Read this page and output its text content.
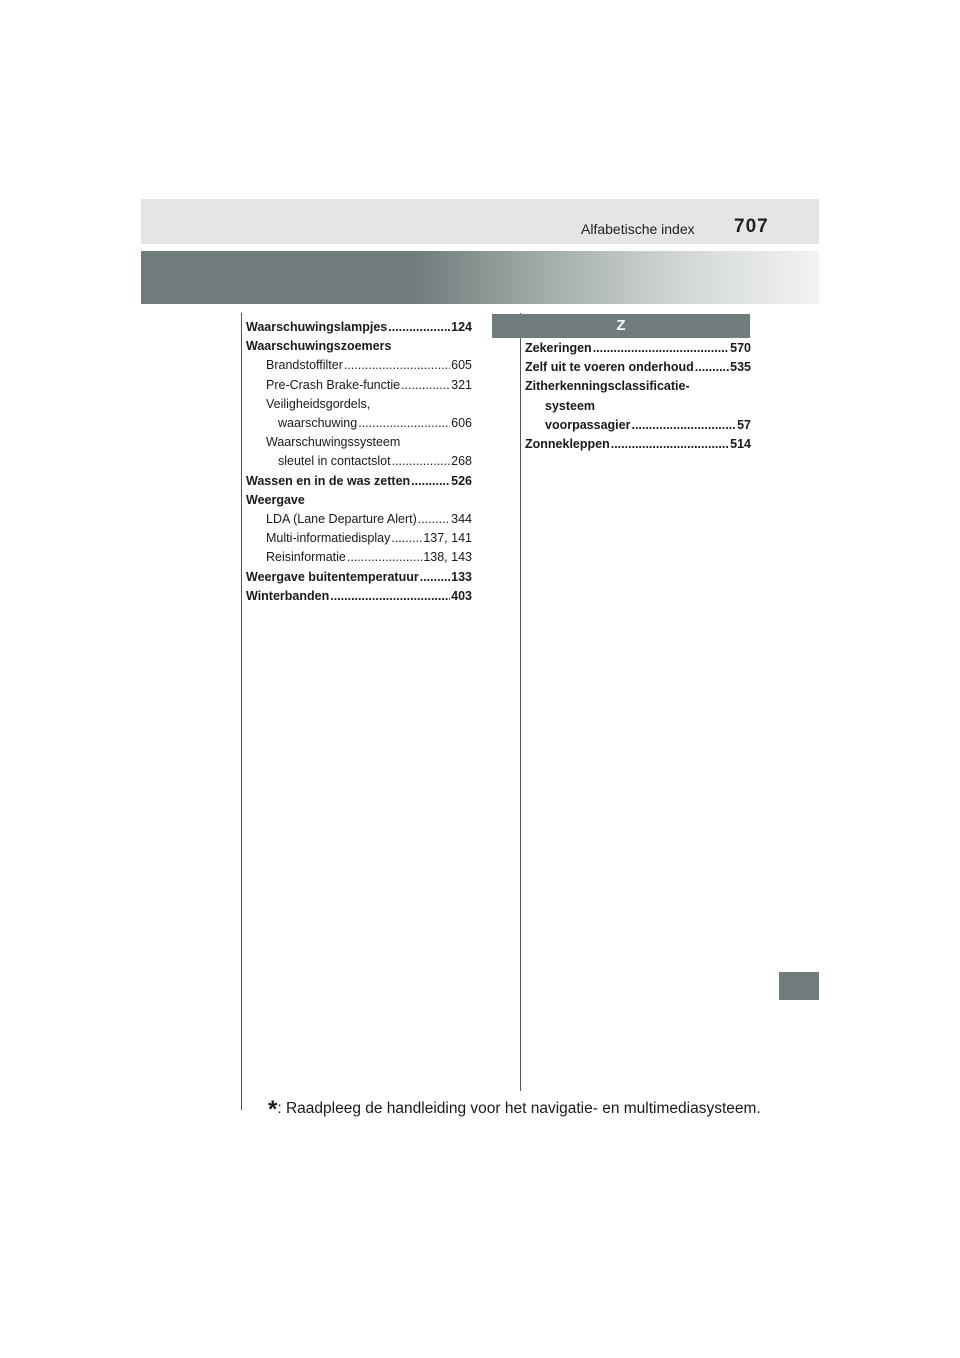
Alfabetische index 707
Waarschuwingslampjes .....	124
Waarschuwingszoemers
Brandstoffilter .....	605
Pre-Crash Brake-functie .....	321
Veiligheidsgordels,
waarschuwing .....	606
Waarschuwingssysteem
sleutel in contactslot .....	268
Wassen en in de was zetten .....	526
Weergave
LDA (Lane Departure Alert) .....	344
Multi-informatiedisplay .....	137, 141
Reisinformatie .....	138, 143
Weergave buitentemperatuur .....	133
Winterbanden .....	403
Z
Zekeringen .....	570
Zelf uit te voeren onderhoud .....	535
Zitherkenningsclassificatie-
systeem
voorpassagier .....	57
Zonnekleppen .....	514
*: Raadpleeg de handleiding voor het navigatie- en multimediasysteem.
